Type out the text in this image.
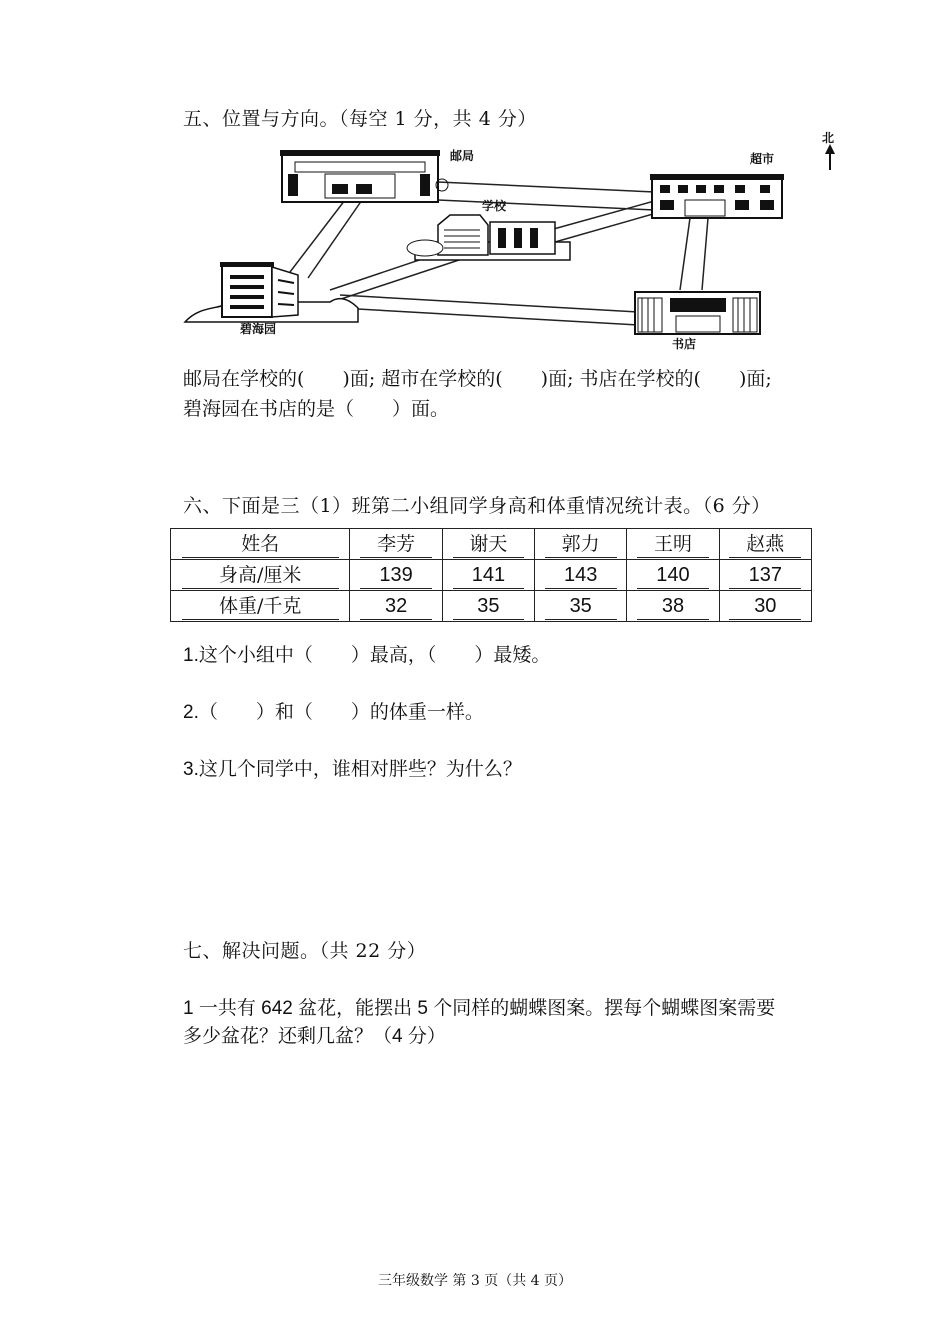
五、位置与方向。（每空 1 分，共 4 分）
邮局	超市
北
学校
碧海园
书店
邮局在学校的(　　)面; 超市在学校的(　　)面; 书店在学校的(　　)面;
碧海园在书店的是（　　）面。
六、下面是三（1）班第二小组同学身高和体重情况统计表。（6 分）
姓名	李芳	谢天	郭力	王明	赵燕
身高/厘米	139	141	143	140	137
体重/千克	32	35	35	38	30
1.这个小组中（　　）最高，（　　）最矮。
2.（　　）和（　　）的体重一样。
3.这几个同学中，谁相对胖些？为什么？
七、解决问题。（共 22 分）
1 一共有 642 盆花，能摆出 5 个同样的蝴蝶图案。摆每个蝴蝶图案需要
多少盆花？还剩几盆？（4 分）
三年级数学 第 3 页（共 4 页）
